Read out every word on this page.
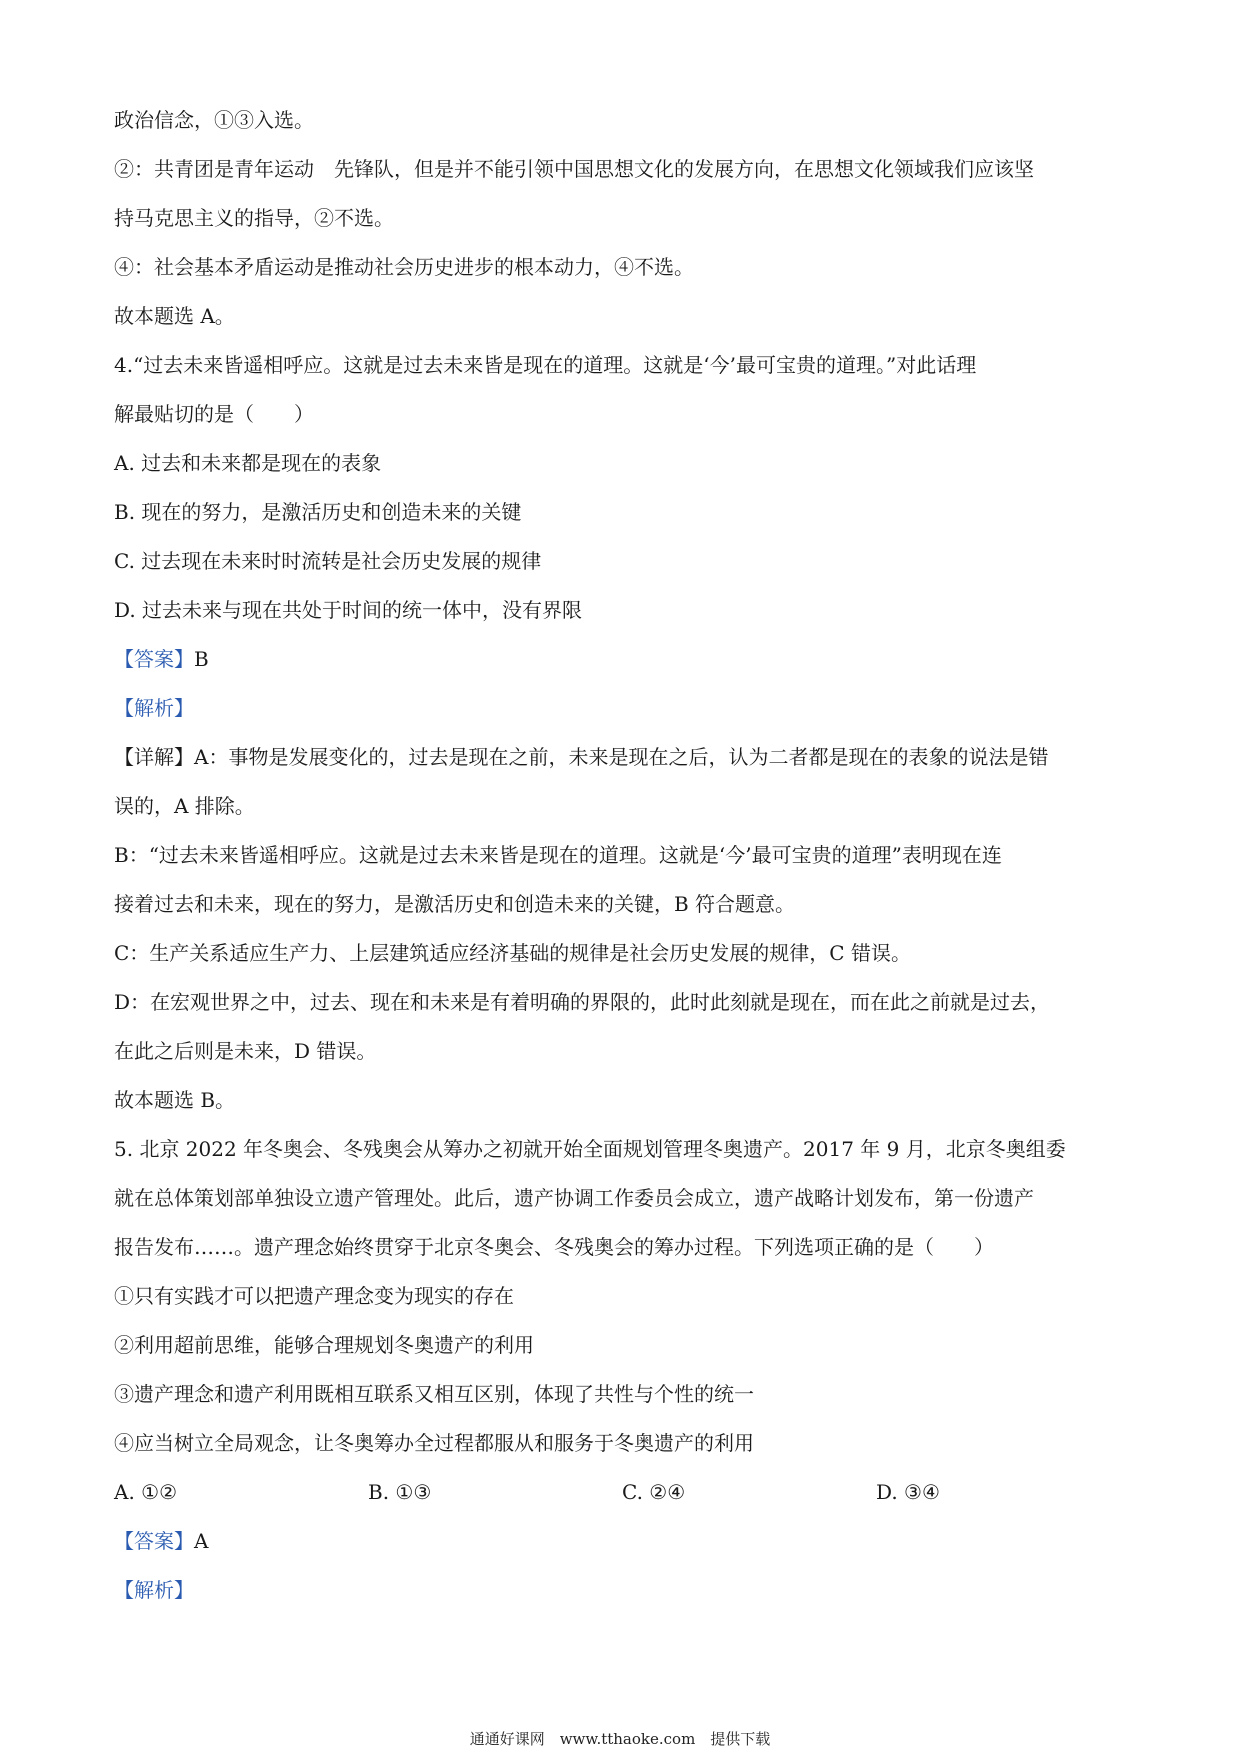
政治信念，①③入选。
②：共青团是青年运动　先锋队，但是并不能引领中国思想文化的发展方向，在思想文化领域我们应该坚
持马克思主义的指导，②不选。
④：社会基本矛盾运动是推动社会历史进步的根本动力，④不选。
故本题选 A。
4.“过去未来皆遥相呼应。这就是过去未来皆是现在的道理。这就是‘今’最可宝贵的道理。”对此话理
解最贴切的是（　　）
A. 过去和未来都是现在的表象
B. 现在的努力，是激活历史和创造未来的关键
C. 过去现在未来时时流转是社会历史发展的规律
D. 过去未来与现在共处于时间的统一体中，没有界限
【答案】B
【解析】
【详解】A：事物是发展变化的，过去是现在之前，未来是现在之后，认为二者都是现在的表象的说法是错
误的，A 排除。
B：“过去未来皆遥相呼应。这就是过去未来皆是现在的道理。这就是‘今’最可宝贵的道理”表明现在连
接着过去和未来，现在的努力，是激活历史和创造未来的关键，B 符合题意。
C：生产关系适应生产力、上层建筑适应经济基础的规律是社会历史发展的规律，C 错误。
D：在宏观世界之中，过去、现在和未来是有着明确的界限的，此时此刻就是现在，而在此之前就是过去，
在此之后则是未来，D 错误。
故本题选 B。
5. 北京 2022 年冬奥会、冬残奥会从筹办之初就开始全面规划管理冬奥遗产。2017 年 9 月，北京冬奥组委
就在总体策划部单独设立遗产管理处。此后，遗产协调工作委员会成立，遗产战略计划发布，第一份遗产
报告发布……。遗产理念始终贯穿于北京冬奥会、冬残奥会的筹办过程。下列选项正确的是（　　）
①只有实践才可以把遗产理念变为现实的存在
②利用超前思维，能够合理规划冬奥遗产的利用
③遗产理念和遗产利用既相互联系又相互区别，体现了共性与个性的统一
④应当树立全局观念，让冬奥筹办全过程都服从和服务于冬奥遗产的利用
A. ①②	B. ①③	C. ②④	D. ③④
【答案】A
【解析】
通通好课网　www.tthaoke.com　提供下载
